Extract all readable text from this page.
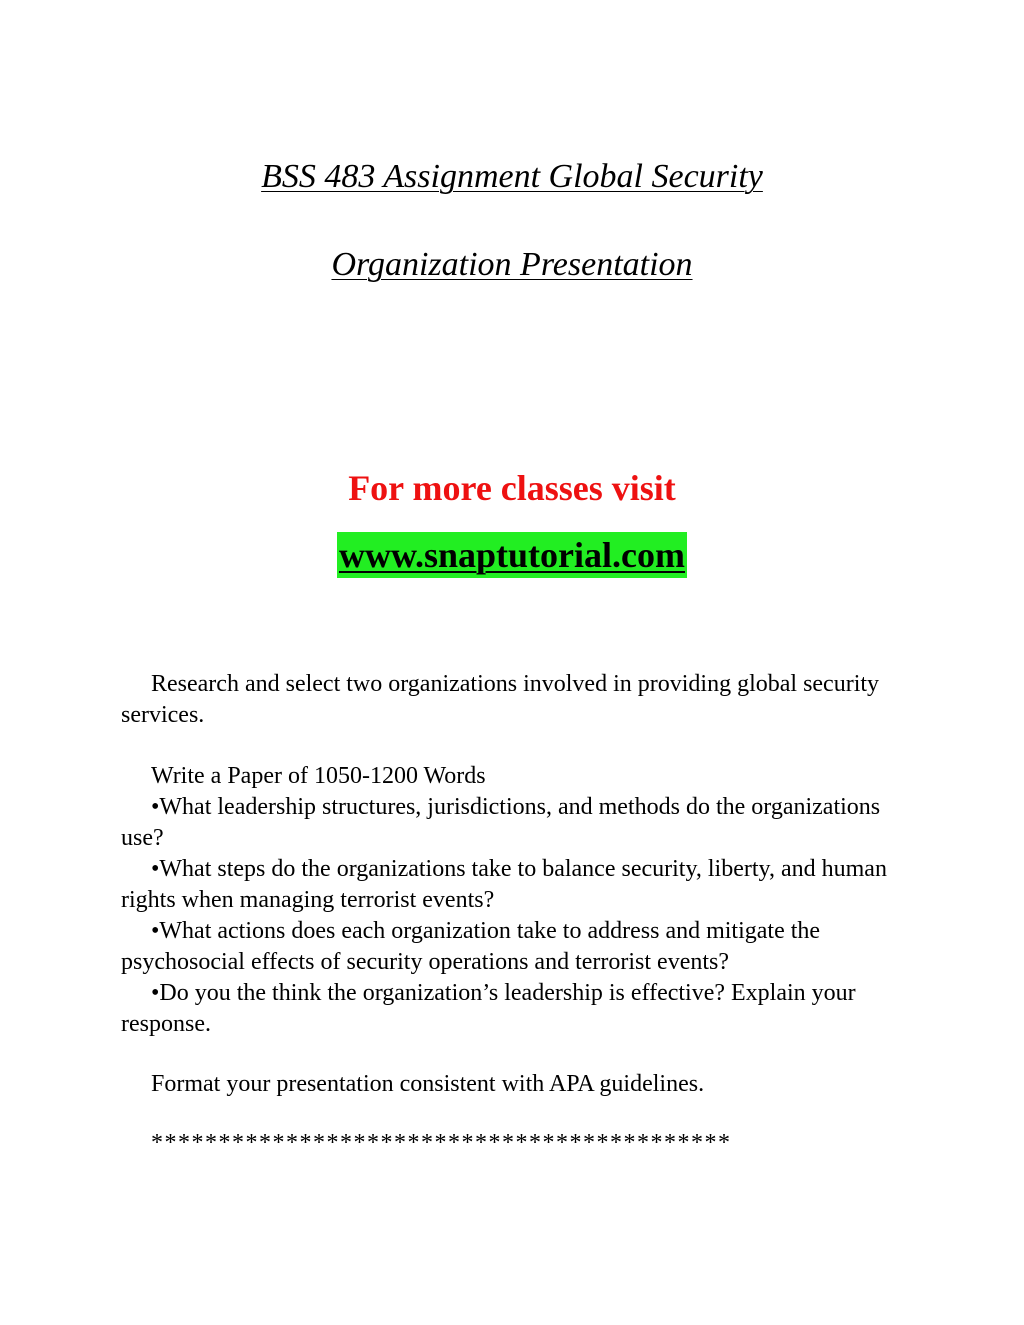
BSS 483 Assignment Global Security
Organization Presentation

For more classes visit

www.snaptutorial.com

Research and select two organizations involved in providing global security services.

Write a Paper of 1050-1200 Words

•What leadership structures, jurisdictions, and methods do the organizations use?

•What steps do the organizations take to balance security, liberty, and human rights when managing terrorist events?

•What actions does each organization take to address and mitigate the psychosocial effects of security operations and terrorist events?

•Do you the think the organization’s leadership is effective? Explain your response.

Format your presentation consistent with APA guidelines.

*******************************************
